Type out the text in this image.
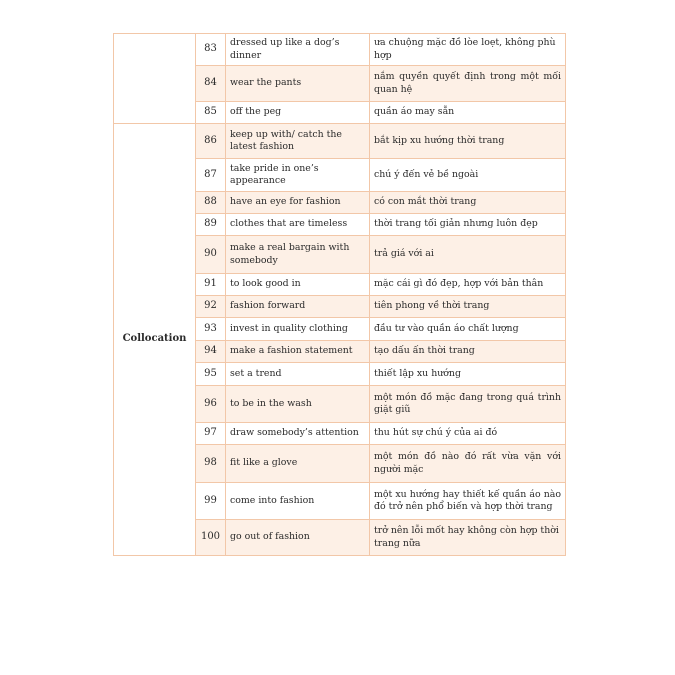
	83	dressed up like a dog’s dinner	ưa chuộng mặc đồ lòe loẹt, không phù hợp
	84	wear the pants	nắm quyền quyết định trong một mối quan hệ
	85	off the peg	quần áo may sẵn
Collocation	86	keep up with/ catch the latest fashion	bắt kịp xu hướng thời trang
	87	take pride in one’s appearance	chú ý đến vẻ bề ngoài
	88	have an eye for fashion	có con mắt thời trang
	89	clothes that are timeless	thời trang tối giản nhưng luôn đẹp
	90	make a real bargain with somebody	trả giá với ai
	91	to look good in	mặc cái gì đó đẹp, hợp với bản thân
	92	fashion forward	tiên phong về thời trang
	93	invest in quality clothing	đầu tư vào quần áo chất lượng
	94	make a fashion statement	tạo dấu ấn thời trang
	95	set a trend	thiết lập xu hướng
	96	to be in the wash	một món đồ mặc đang trong quá trình giặt giũ
	97	draw somebody’s attention	thu hút sự chú ý của ai đó
	98	fit like a glove	một món đồ nào đó rất vừa vặn với người mặc
	99	come into fashion	một xu hướng hay thiết kế quần áo nào đó trở nên phổ biến và hợp thời trang
	100	go out of fashion	trở nên lỗi mốt hay không còn hợp thời trang nữa
